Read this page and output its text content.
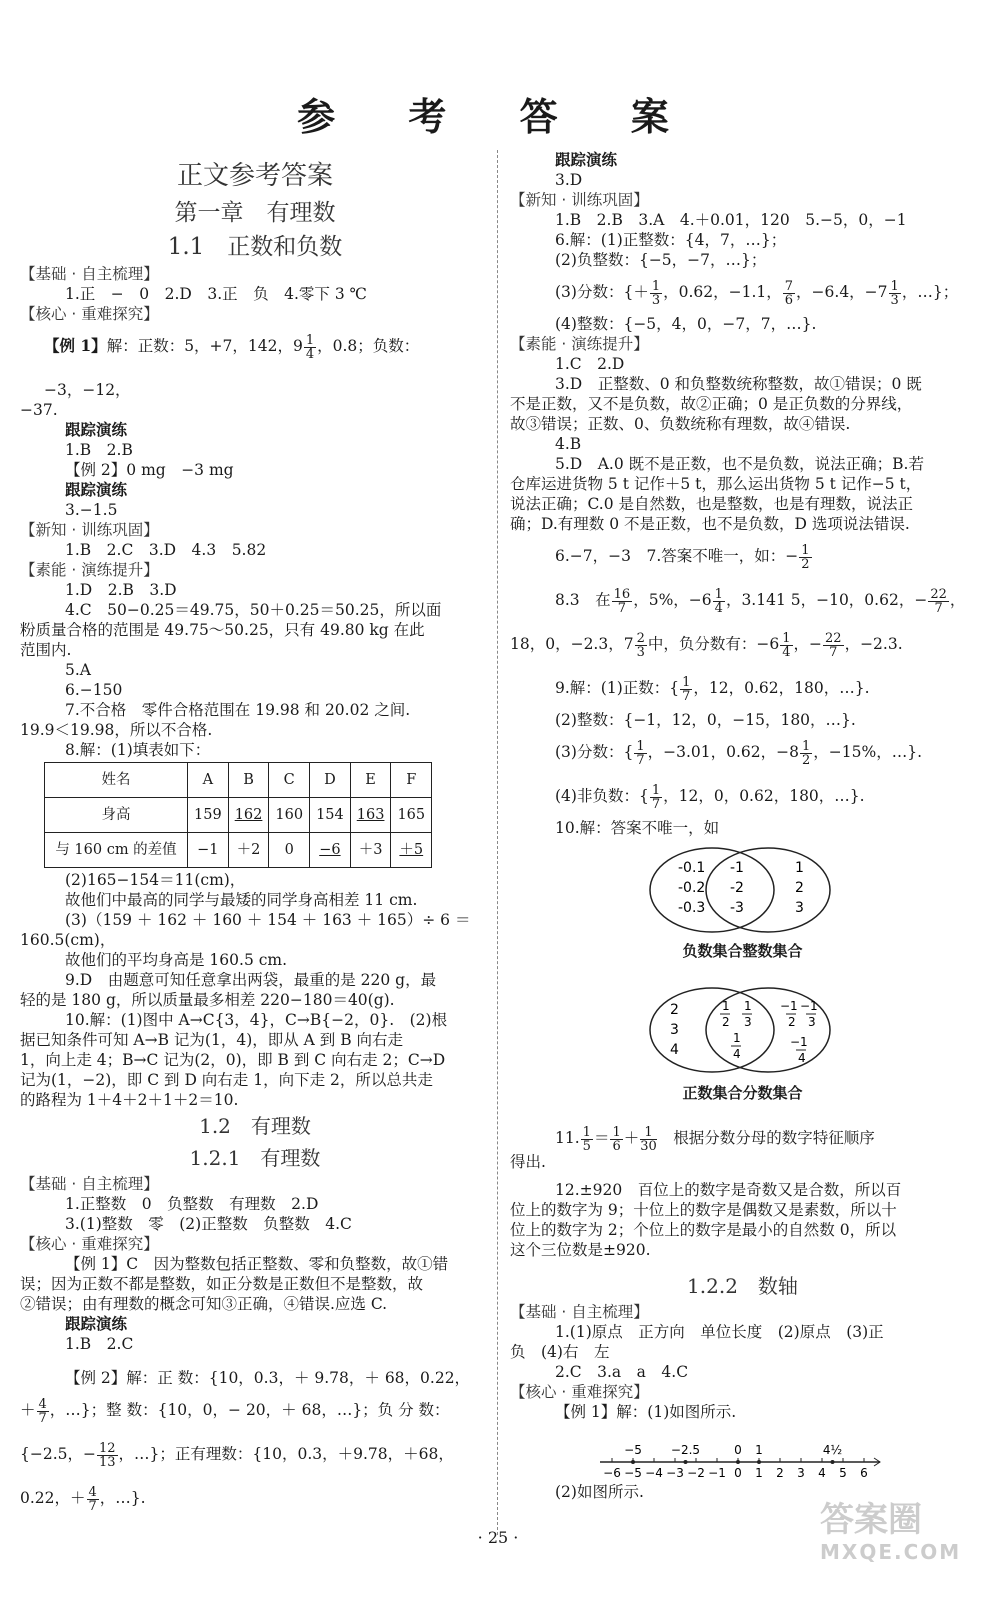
参 考 答 案
正文参考答案
第一章　有理数
1.1　正数和负数
【基础 · 自主梳理】
1.正　−　0　2.D　3.正　负　4.零下 3 ℃
【核心 · 重难探究】
【例 1】解：正数：5，+7，142，$9 \frac{1}{4}$ ，0.8；负数：−3，−12，
−37.
跟踪演练
1.B　2.B
【例 2】0 mg　−3 mg
跟踪演练
3.−1.5
【新知 · 训练巩固】
1.B　2.C　3.D　4.3　5.82
【素能 · 演练提升】
1.D　2.B　3.D
4.C　50−0.25＝49.75，50＋0.25＝50.25，所以面
粉质量合格的范围是 49.75～50.25，只有 49.80 kg 在此
范围内.
5.A
6.−150
7.不合格　零件合格范围在 19.98 和 20.02 之间.
19.9＜19.98，所以不合格.
8.解：(1)填表如下：
姓名	A	B	C	D	E	F
身高	159	162	160	154	163	165
与 160 cm 的差值	−1	＋2	0	−6	＋3	＋5
(2)165−154＝11(cm)，
故他们中最高的同学与最矮的同学身高相差 11 cm.
(3)（159 ＋ 162 ＋ 160 ＋ 154 ＋ 163 ＋ 165）÷ 6 ＝
160.5(cm)，
故他们的平均身高是 160.5 cm.
9.D　由题意可知任意拿出两袋，最重的是 220 g，最
轻的是 180 g，所以质量最多相差 220−180＝40(g).
10.解：(1)图中 A→C{3，4}，C→B{−2，0}.　(2)根
据已知条件可知 A→B 记为(1，4)，即从 A 到 B 向右走
1，向上走 4；B→C 记为(2，0)，即 B 到 C 向右走 2；C→D
记为(1，−2)，即 C 到 D 向右走 1，向下走 2，所以总共走
的路程为 1＋4＋2＋1＋2＝10.
1.2　有理数
1.2.1　有理数
【基础 · 自主梳理】
1.正整数　0　负整数　有理数　2.D
3.(1)整数　零　(2)正整数　负整数　4.C
【核心 · 重难探究】
【例 1】C　因为整数包括正整数、零和负整数，故①错
误；因为正数不都是整数，如正分数是正数但不是整数，故
②错误；由有理数的概念可知③正确，④错误.应选 C.
跟踪演练
1.B　2.C
【例 2】解：正 数：{10，0.3，＋ 9.78，＋ 68，0.22，
＋ $\frac{4}{7}$ ，…}；整 数：{10，0，− 20，＋ 68，…}；负 分 数：
{−2.5，− $\frac{12}{13}$ ，…}；正有理数：{10，0.3，＋9.78，＋68，
0.22，＋ $\frac{4}{7}$ ，…}.
跟踪演练
3.D
【新知 · 训练巩固】
1.B　2.B　3.A　4.＋0.01，120　5.−5，0，−1
6.解：(1)正整数：{4，7，…}；
(2)负整数：{−5，−7，…}；
(3)分数：{＋ $\frac{1}{3}$ ，0.62，−1.1， $\frac{7}{6}$ ，−6.4，$-7 \frac{1}{3}$ ，…}；
(4)整数：{−5，4，0，−7，7，…}.
【素能 · 演练提升】
1.C　2.D
3.D　正整数、0 和负整数统称整数，故①错误；0 既
不是正数，又不是负数，故②正确；0 是正负数的分界线，
故③错误；正数、0、负数统称有理数，故④错误.
4.B
5.D　A.0 既不是正数，也不是负数，说法正确；B.若
仓库运进货物 5 t 记作＋5 t，那么运出货物 5 t 记作−5 t，
说法正确；C.0 是自然数，也是整数，也是有理数，说法正
确；D.有理数 0 不是正数，也不是负数，D 选项说法错误.
6.−7，−3　7.答案不唯一，如：− $\frac{1}{2}$
8.3　在 $\frac{16}{7}$ ，5%，$-6 \frac{1}{4}$ ，3.141 5，−10，0.62，− $\frac{22}{7}$ ，
18，0，−2.3，$7 \frac{2}{3}$ 中，负分数有：$-6 \frac{1}{4}$ ，− $\frac{22}{7}$ ，−2.3.
9.解：(1)正数：{ $\frac{1}{7}$ ，12，0.62，180，…}.
(2)整数：{−1，12，0，−15，180，…}.
(3)分数：{ $\frac{1}{7}$ ，−3.01，0.62，$-8 \frac{1}{2}$ ，−15%，…}.
(4)非负数：{ $\frac{1}{7}$ ，12，0，0.62，180，…}.
10.解：答案不唯一，如
-0.1
-0.2
-0.3
-1
-2
-3
1
2
3
负数集合整数集合
2
3
4
1
2
1
3
1
4
−1
2
−1
3
−1
4
正数集合分数集合
11. $\frac{1}{5} = \frac{1}{6} + \frac{1}{30}$ 　根据分数分母的数字特征顺序
得出.
12.±920　百位上的数字是奇数又是合数，所以百
位上的数字为 9；十位上的数字是偶数又是素数，所以十
位上的数字为 2；个位上的数字是最小的自然数 0，所以
这个三位数是±920.
1.2.2　数轴
【基础 · 自主梳理】
1.(1)原点　正方向　单位长度　(2)原点　(3)正
负　(4)右　左
2.C　3.a　a　4.C
【核心 · 重难探究】
【例 1】解：(1)如图所示.
−6 −5 −4 −3 −2 −1 0 1 2 3 4 5 6
−5 −2.5	0 1	4½
(2)如图所示.
· 25 ·	答案圈
MXQE.COM
